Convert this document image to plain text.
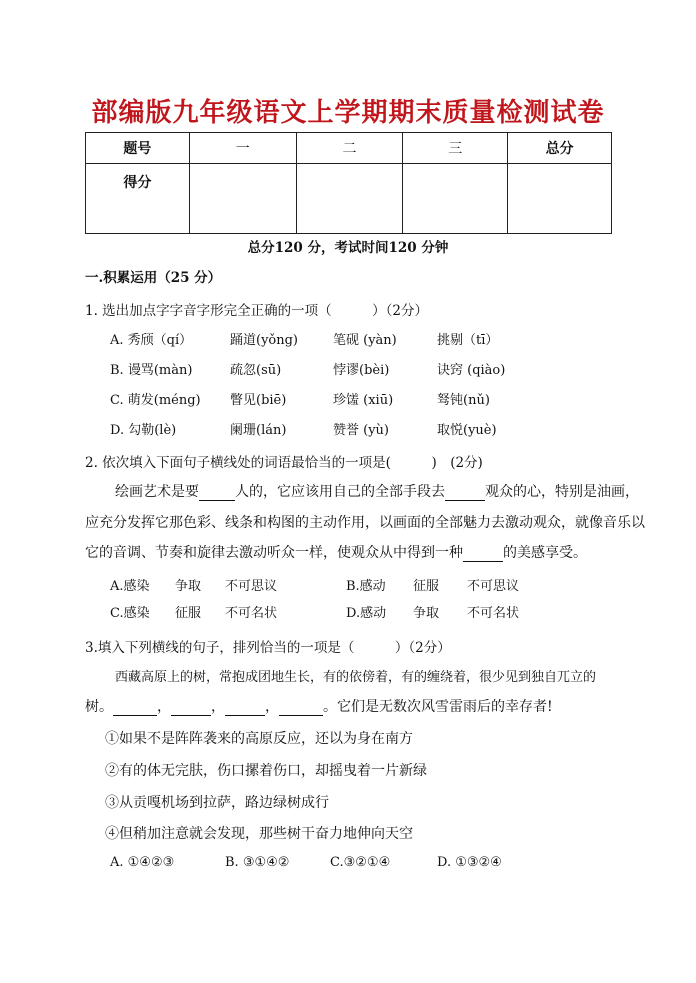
部编版九年级语文上学期期末质量检测试卷
题号	一	二	三	总分
得分				
总分120 分，考试时间120 分钟
一.积累运用（25 分）
1. 选出加点字字音字形完全正确的一项（　　　）（2分）
A. 秀颀（qí）	踊道(yǒng)	笔砚 (yàn)	挑剔（tī）
B. 谩骂(màn)	疏忽(sū)	悖谬(bèi)	诀窍 (qiào)
C. 萌发(méng) 瞥见(biē)	珍馐 (xiū)	驽钝(nǔ)
D. 勾勒(lè)	阑珊(lán)	赞誉 (yù)	取悦(yuè)
2. 依次填入下面句子横线处的词语最恰当的一项是(　　　)　(2分)
绘画艺术是要	人的，它应该用自己的全部手段去	观众的心，特别是油画，
应充分发挥它那色彩、线条和构图的主动作用，以画面的全部魅力去激动观众，就像音乐以
它的音调、节奏和旋律去激动听众一样，使观众从中得到一种	的美感享受。
A.感染 争取 不可思议	B.感动 征服 不可思议
C.感染 征服 不可名状	D.感动 争取 不可名状
3.填入下列横线的句子，排列恰当的一项是（　　　）（2分）
西藏高原上的树，常抱成团地生长，有的依傍着，有的缠绕着，很少见到独自兀立的
树。	，	，	，	。它们是无数次风雪雷雨后的幸存者!
①如果不是阵阵袭来的高原反应，还以为身在南方
②有的体无完肤，伤口摞着伤口，却摇曳着一片新绿
③从贡嘎机场到拉萨，路边绿树成行
④但稍加注意就会发现，那些树干奋力地伸向天空
A. ①④②③	B. ③①④②	C.③②①④	D. ①③②④
